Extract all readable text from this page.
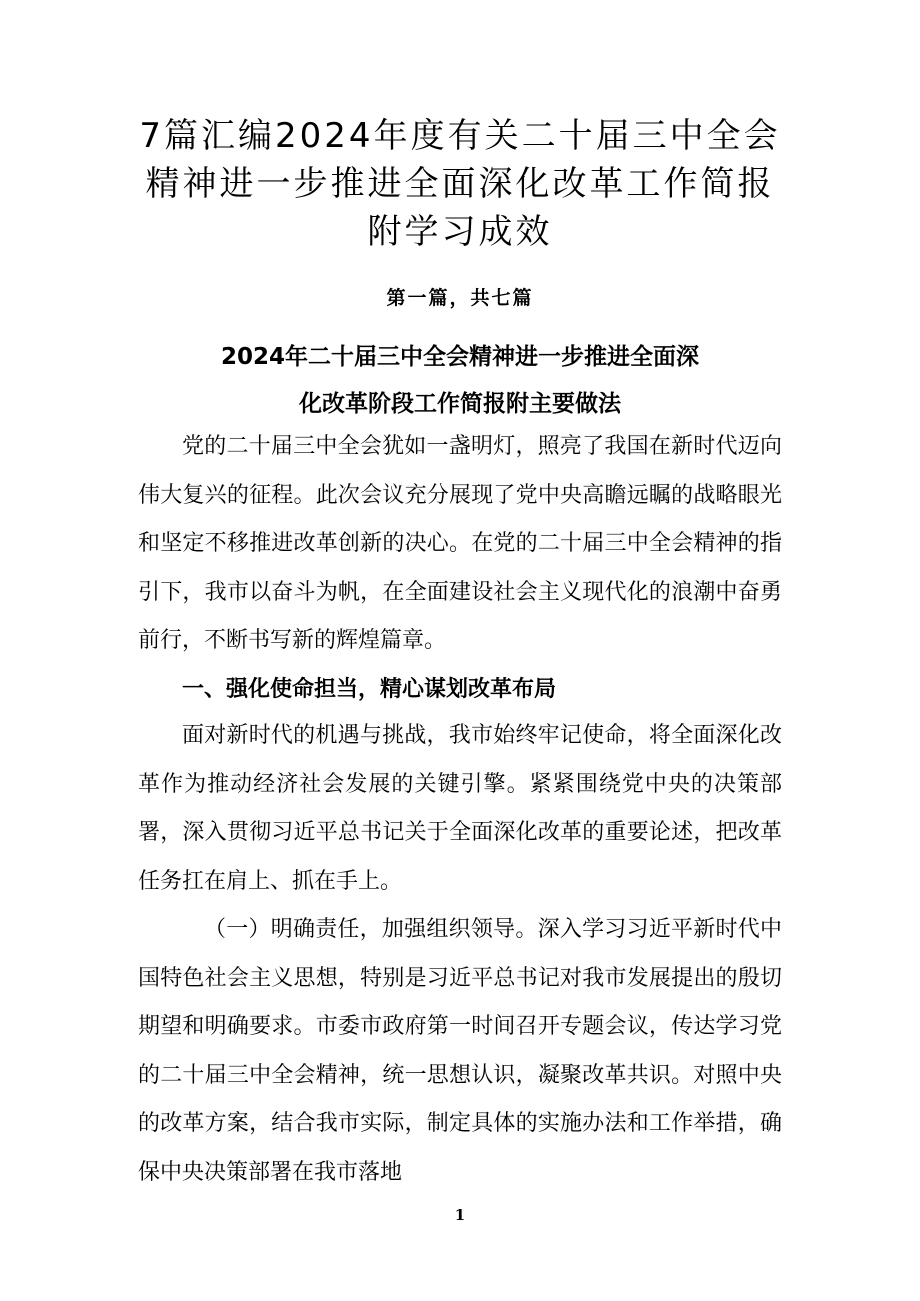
7篇汇编2024年度有关二十届三中全会精神进一步推进全面深化改革工作简报附学习成效

第一篇，共七篇

2024年二十届三中全会精神进一步推进全面深
化改革阶段工作简报附主要做法

党的二十届三中全会犹如一盏明灯，照亮了我国在新时代迈向伟大复兴的征程。此次会议充分展现了党中央高瞻远瞩的战略眼光和坚定不移推进改革创新的决心。在党的二十届三中全会精神的指引下，我市以奋斗为帆，在全面建设社会主义现代化的浪潮中奋勇前行，不断书写新的辉煌篇章。

一、强化使命担当，精心谋划改革布局

面对新时代的机遇与挑战，我市始终牢记使命，将全面深化改革作为推动经济社会发展的关键引擎。紧紧围绕党中央的决策部署，深入贯彻习近平总书记关于全面深化改革的重要论述，把改革任务扛在肩上、抓在手上。

（一）明确责任，加强组织领导。深入学习习近平新时代中国特色社会主义思想，特别是习近平总书记对我市发展提出的殷切期望和明确要求。市委市政府第一时间召开专题会议，传达学习党的二十届三中全会精神，统一思想认识，凝聚改革共识。对照中央的改革方案，结合我市实际，制定具体的实施办法和工作举措，确保中央决策部署在我市落地

1
